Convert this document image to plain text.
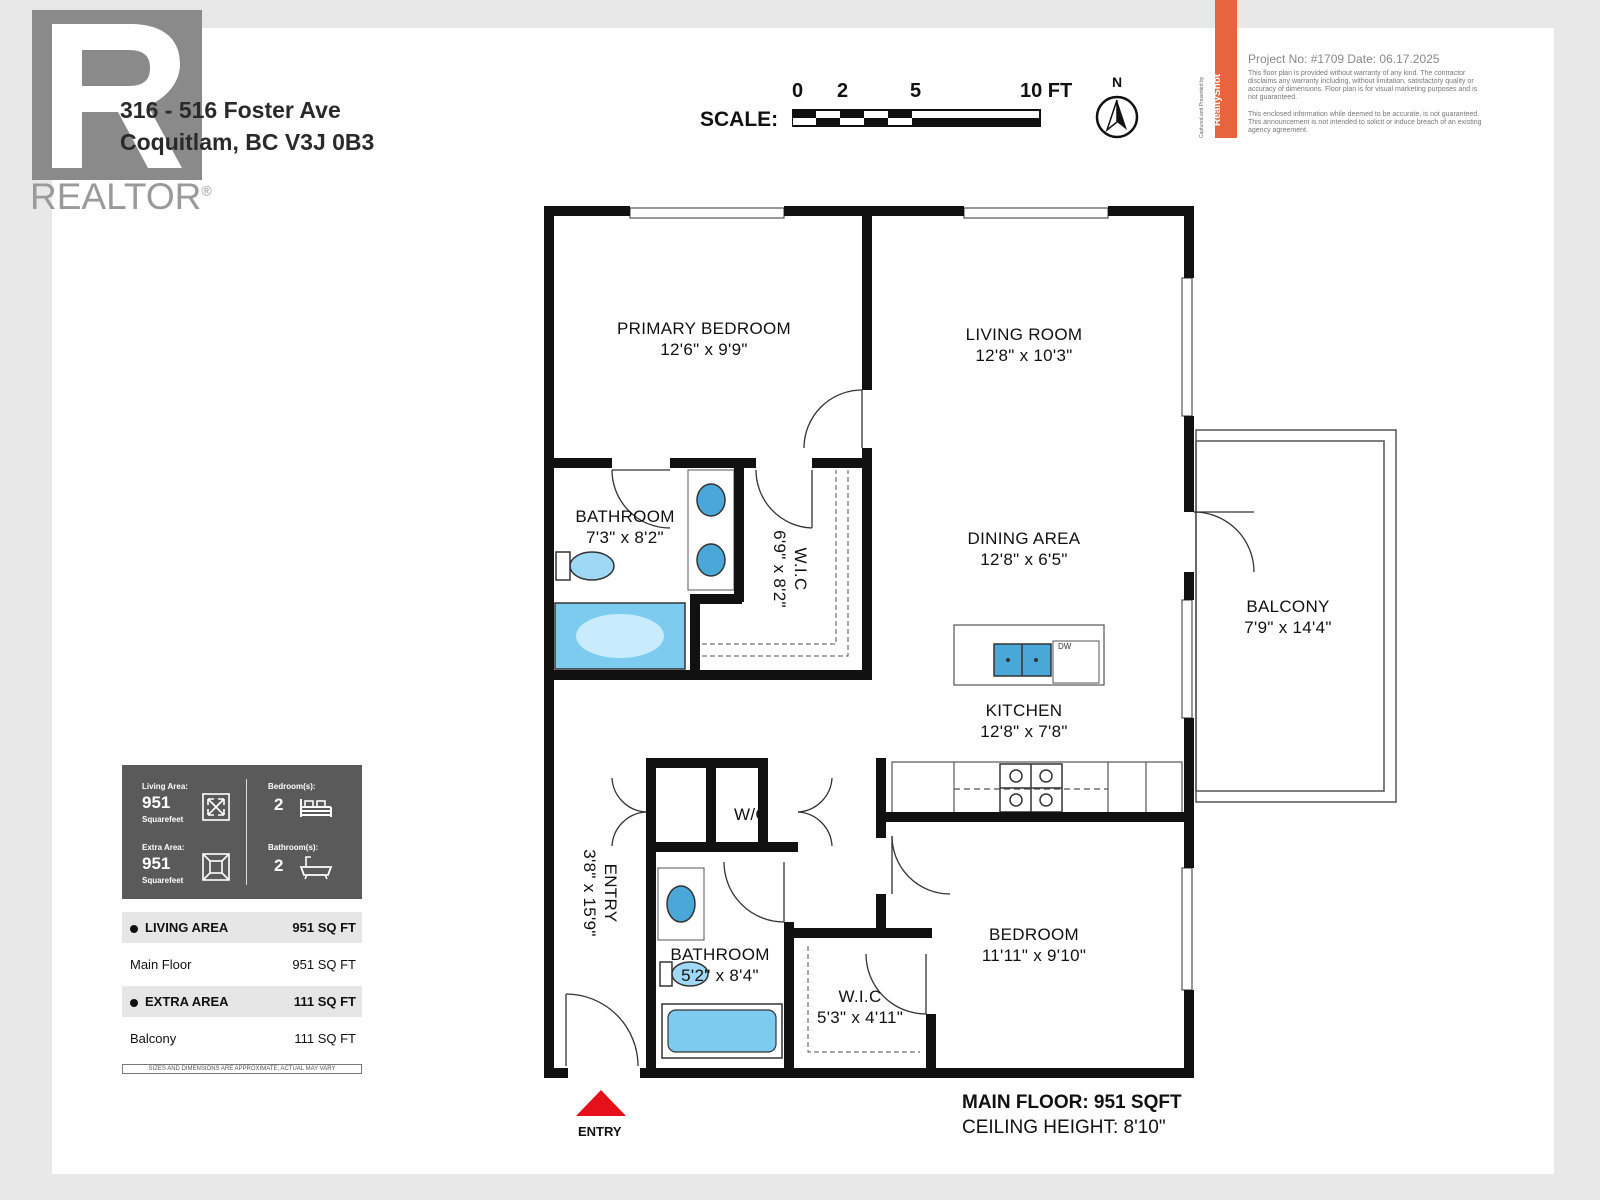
REALTOR®
316 - 516 Foster Ave
Coquitlam, BC V3J 0B3
SCALE:
0 2	5	10 FT	N	RealtyShot
Captured and Presented by
Project No: #1709 Date: 06.17.2025
This floor plan is provided without warranty of any kind. The contractor disclaims any warranty including, without limitation, satisfactory quality or accuracy of dimensions. Floor plan is for visual marketing purposes and is not guaranteed.
This enclosed information while deemed to be accurate, is not guaranteed. This announcement is not intended to solicit or induce breach of an existing agency agreement.
PRIMARY BEDROOM
12'6" x 9'9"
LIVING ROOM
12'8" x 10'3"
BATHROOM
7'3" x 8'2"
W.I.C
6'9" x 8'2"	DINING AREA
12'8" x 6'5"
BALCONY
7'9" x 14'4"
DW
KITCHEN
12'8" x 7'8"
W/C
ENTRY
3'8" x 15'9"	BEDROOM
11'11" x 9'10"
BATHROOM
5'2" x 8'4"
W.I.C
5'3" x 4'11"
ENTRY
Living Area:
951
Squarefeet
Bedroom(s):
2
Extra Area:
951
Squarefeet
Bathroom(s):
2
LIVING AREA	951 SQ FT
Main Floor	951 SQ FT
EXTRA AREA	111 SQ FT
Balcony	111 SQ FT
SIZES AND DIMENSIONS ARE APPROXIMATE, ACTUAL MAY VARY
MAIN FLOOR: 951 SQFT
CEILING HEIGHT: 8'10"
